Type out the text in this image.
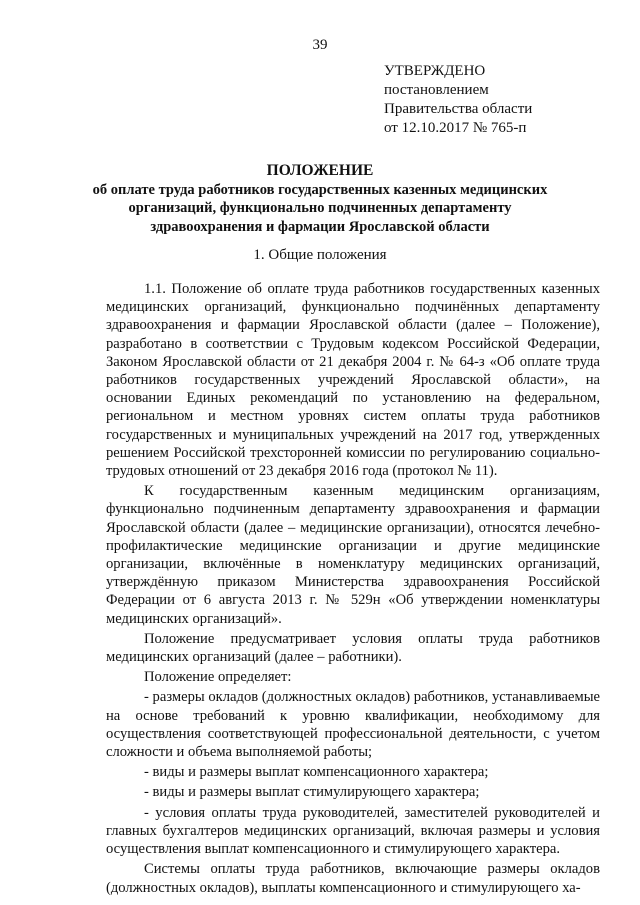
39
УТВЕРЖДЕНО
постановлением
Правительства области
от 12.10.2017 № 765-п
ПОЛОЖЕНИЕ
об оплате труда работников государственных казенных медицинских
организаций, функционально подчиненных департаменту
здравоохранения и фармации Ярославской области
1. Общие положения

1.1. Положение об оплате труда работников государственных казенных медицинских организаций, функционально подчинённых департаменту здравоохранения и фармации Ярославской области (далее – Положение), разработано в соответствии с Трудовым кодексом Российской Федерации, Законом Ярославской области от 21 декабря 2004 г. № 64-з «Об оплате труда работников государственных учреждений Ярославской области», на основании Единых рекомендаций по установлению на федеральном, региональном и местном уровнях систем оплаты труда работников государственных и муниципальных учреждений на 2017 год, утвержденных решением Российской трехсторонней комиссии по регулированию социально-трудовых отношений от 23 декабря 2016 года (протокол № 11).

К государственным казенным медицинским организациям, функционально подчиненным департаменту здравоохранения и фармации Ярославской области (далее – медицинские организации), относятся лечебно-профилактические медицинские организации и другие медицинские организации, включённые в номенклатуру медицинских организаций, утверждённую приказом Министерства здравоохранения Российской Федерации от 6 августа 2013 г. № 529н «Об утверждении номенклатуры медицинских организаций».

Положение предусматривает условия оплаты труда работников медицинских организаций (далее – работники).

Положение определяет:

- размеры окладов (должностных окладов) работников, устанавливаемые на основе требований к уровню квалификации, необходимому для осуществления соответствующей профессиональной деятельности, с учетом сложности и объема выполняемой работы;

- виды и размеры выплат компенсационного характера;

- виды и размеры выплат стимулирующего характера;

- условия оплаты труда руководителей, заместителей руководителей и главных бухгалтеров медицинских организаций, включая размеры и условия осуществления выплат компенсационного и стимулирующего характера.

Системы оплаты труда работников, включающие размеры окладов (должностных окладов), выплаты компенсационного и стимулирующего ха-
